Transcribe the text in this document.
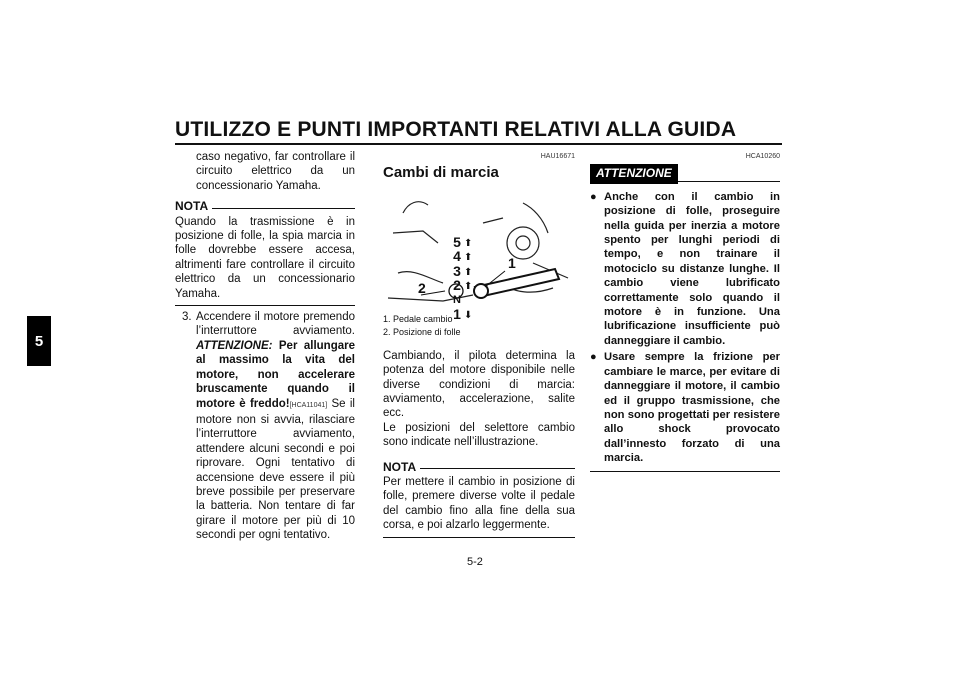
UTILIZZO E PUNTI IMPORTANTI RELATIVI ALLA GUIDA
5

caso negativo, far controllare il circuito elettrico da un concessionario Yamaha.

NOTA

Quando la trasmissione è in posizione di folle, la spia marcia in folle dovrebbe essere accesa, altrimenti fare controllare il circuito elettrico da un concessionario Yamaha.

3. Accendere il motore premendo l’interruttore avviamento. ATTENZIONE: Per allungare al massimo la vita del motore, non accelerare bruscamente quando il motore è freddo![HCA11041] Se il motore non si avvia, rilasciare l’interruttore avviamento, attendere alcuni secondi e poi riprovare. Ogni tentativo di accensione deve essere il più breve possibile per preservare la batteria. Non tentare di far girare il motore per più di 10 secondi per ogni tentativo.

HAU16671
Cambi di marcia
5
4
3
2
N
1
⬆
⬆
⬆
⬆

⬇
1
2
1. Pedale cambio
2. Posizione di folle

Cambiando, il pilota determina la potenza del motore disponibile nelle diverse condizioni di marcia: avviamento, accelerazione, salite ecc.

Le posizioni del selettore cambio sono indicate nell’illustrazione.

NOTA

Per mettere il cambio in posizione di folle, premere diverse volte il pedale del cambio fino alla fine della sua corsa, e poi alzarlo leggermente.

HCA10260
ATTENZIONE
● Anche con il cambio in posizione di folle, proseguire nella guida per inerzia a motore spento per lunghi periodi di tempo, e non trainare il motociclo su distanze lunghe. Il cambio viene lubrificato correttamente solo quando il motore è in funzione. Una lubrificazione insufficiente può danneggiare il cambio.
● Usare sempre la frizione per cambiare le marce, per evitare di danneggiare il motore, il cambio ed il gruppo trasmissione, che non sono progettati per resistere allo shock provocato dall’innesto forzato di una marcia.
5-2
